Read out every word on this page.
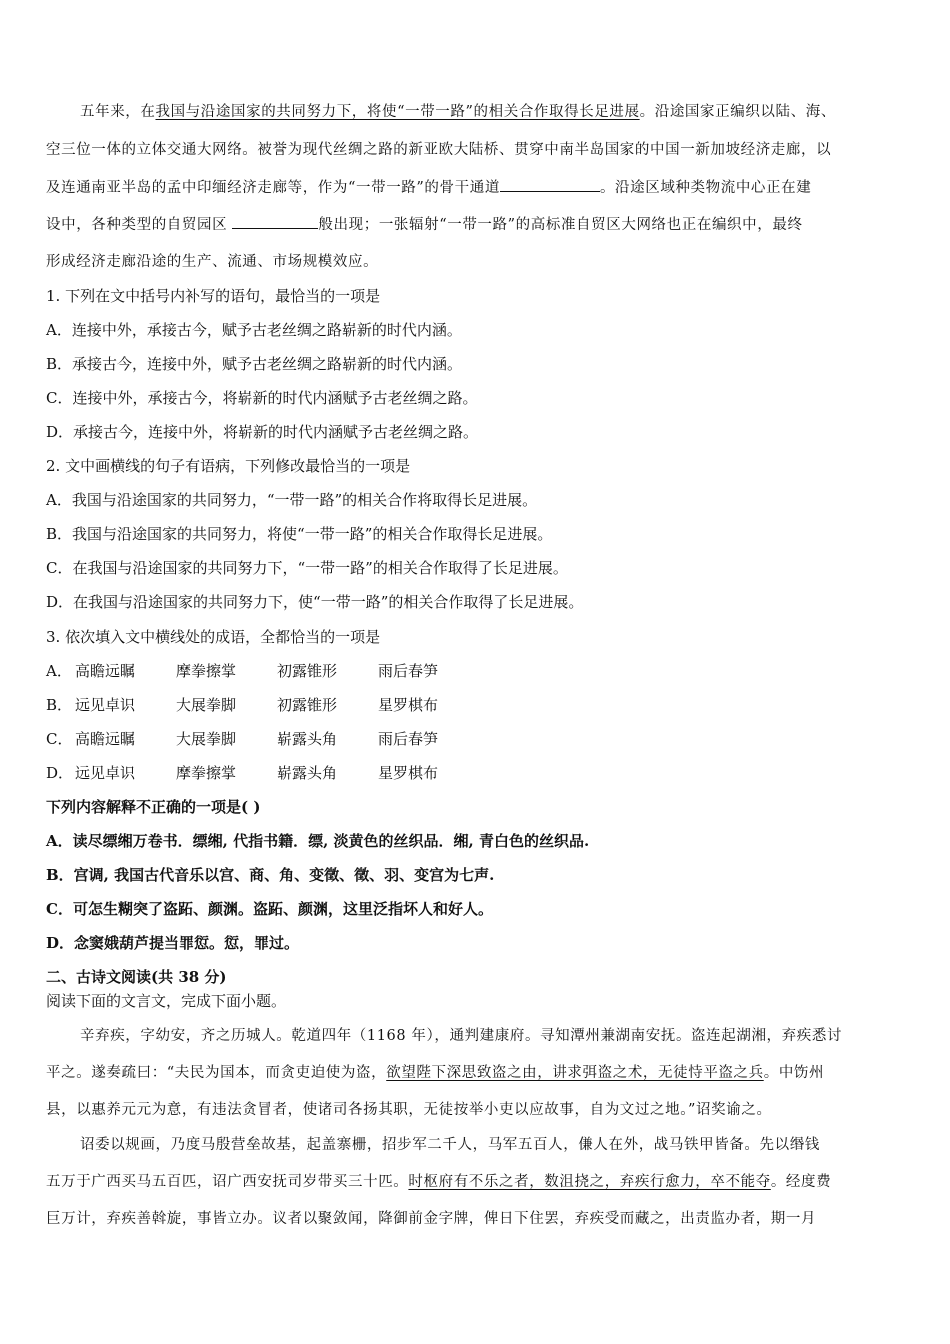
五年来，在我国与沿途国家的共同努力下，将使“一带一路”的相关合作取得长足进展。沿途国家正编织以陆、海、
空三位一体的立体交通大网络。被誉为现代丝绸之路的新亚欧大陆桥、贯穿中南半岛国家的中国一新加坡经济走廊，以
及连通南亚半岛的孟中印缅经济走廊等，作为“一带一路”的骨干通道	。沿途区域种类物流中心正在建
设中，各种类型的自贸园区	般出现；一张辐射“一带一路”的高标准自贸区大网络也正在编织中，最终
形成经济走廊沿途的生产、流通、市场规模效应。
1. 下列在文中括号内补写的语句，最恰当的一项是
A．连接中外，承接古今，赋予古老丝绸之路崭新的时代内涵。
B．承接古今，连接中外，赋予古老丝绸之路崭新的时代内涵。
C．连接中外，承接古今，将崭新的时代内涵赋予古老丝绸之路。
D．承接古今，连接中外，将崭新的时代内涵赋予古老丝绸之路。
2. 文中画横线的句子有语病，下列修改最恰当的一项是
A．我国与沿途国家的共同努力，“一带一路”的相关合作将取得长足进展。
B．我国与沿途国家的共同努力，将使“一带一路”的相关合作取得长足进展。
C．在我国与沿途国家的共同努力下，“一带一路”的相关合作取得了长足进展。
D．在我国与沿途国家的共同努力下，使“一带一路”的相关合作取得了长足进展。
3. 依次填入文中横线处的成语，全都恰当的一项是
A． 高瞻远瞩	摩拳擦掌	初露锥形	雨后春笋
B． 远见卓识	大展拳脚	初露锥形	星罗棋布
C． 高瞻远瞩	大展拳脚	崭露头角	雨后春笋
D． 远见卓识	摩拳擦掌	崭露头角	星罗棋布
下列内容解释不正确的一项是( )
A．读尽缥缃万卷书．缥缃, 代指书籍．缥, 淡黄色的丝织品．缃, 青白色的丝织品.
B．宫调, 我国古代音乐以宫、商、角、变徵、徵、羽、变宫为七声.
C．可怎生糊突了盗跖、颜渊。盗跖、颜渊，这里泛指坏人和好人。
D．念窦娥葫芦提当罪愆。愆，罪过。
二、古诗文阅读(共 38 分)
阅读下面的文言文，完成下面小题。
辛弃疾，字幼安，齐之历城人。乾道四年（1168 年），通判建康府。寻知潭州兼湖南安抚。盗连起湖湘，弃疾悉讨
平之。遂奏疏曰：“夫民为国本，而贪吏迫使为盗，欲望陛下深思致盗之由，讲求弭盗之术，无徒恃平盗之兵。中饬州
县，以惠养元元为意，有违法贪冒者，使诸司各扬其职，无徒按举小吏以应故事，自为文过之地。”诏奖谕之。
诏委以规画，乃度马殷营垒故基，起盖寨栅，招步军二千人，马军五百人，傔人在外，战马铁甲皆备。先以缗钱
五万于广西买马五百匹，诏广西安抚司岁带买三十匹。时枢府有不乐之者，数沮挠之，弃疾行愈力，卒不能夺。经度费
巨万计，弃疾善斡旋，事皆立办。议者以聚敛闻，降御前金字牌，俾日下住罢，弃疾受而藏之，出责监办者，期一月
